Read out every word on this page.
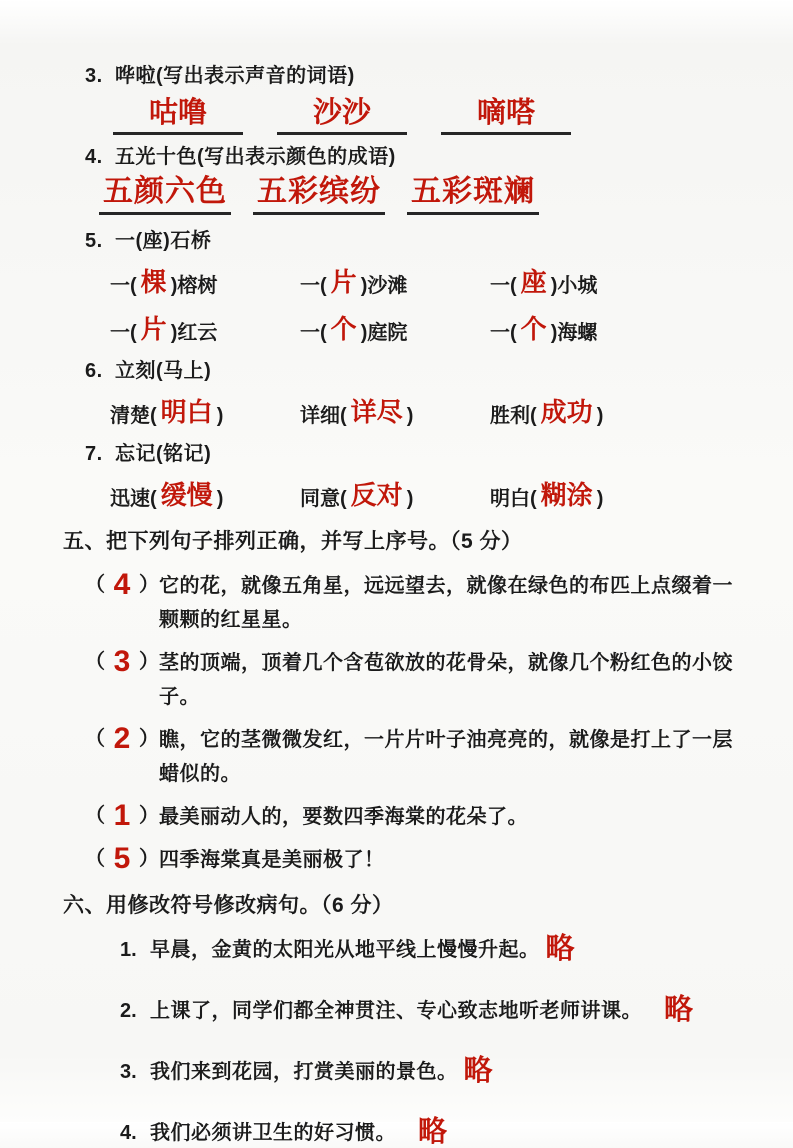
3. 哗啦(写出表示声音的词语)
咕噜	沙沙	嘀嗒
4. 五光十色(写出表示颜色的成语)
五颜六色 五彩缤纷 五彩斑斓
5. 一(座)石桥
一( 棵 )榕树	一( 片 )沙滩	一( 座 )小城
一( 片 )红云	一( 个 )庭院	一( 个 )海螺
6. 立刻(马上)
清楚( 明白 )	详细( 详尽 )	胜利( 成功 )
7. 忘记(铭记)
迅速( 缓慢 )	同意( 反对 )	明白( 糊涂 )
五、把下列句子排列正确，并写上序号。（5 分）
（ 4 ） 它的花，就像五角星，远远望去，就像在绿色的布匹上点缀着一颗颗的红星星。
（ 3 ） 茎的顶端，顶着几个含苞欲放的花骨朵，就像几个粉红色的小饺子。
（ 2 ） 瞧，它的茎微微发红，一片片叶子油亮亮的，就像是打上了一层蜡似的。
（ 1 ） 最美丽动人的，要数四季海棠的花朵了。
（ 5 ） 四季海棠真是美丽极了！
六、用修改符号修改病句。（6 分）
1. 早晨，金黄的太阳光从地平线上慢慢升起。 略
2. 上课了，同学们都全神贯注、专心致志地听老师讲课。 略
3. 我们来到花园，打赏美丽的景色。 略
4. 我们必须讲卫生的好习惯。 略
